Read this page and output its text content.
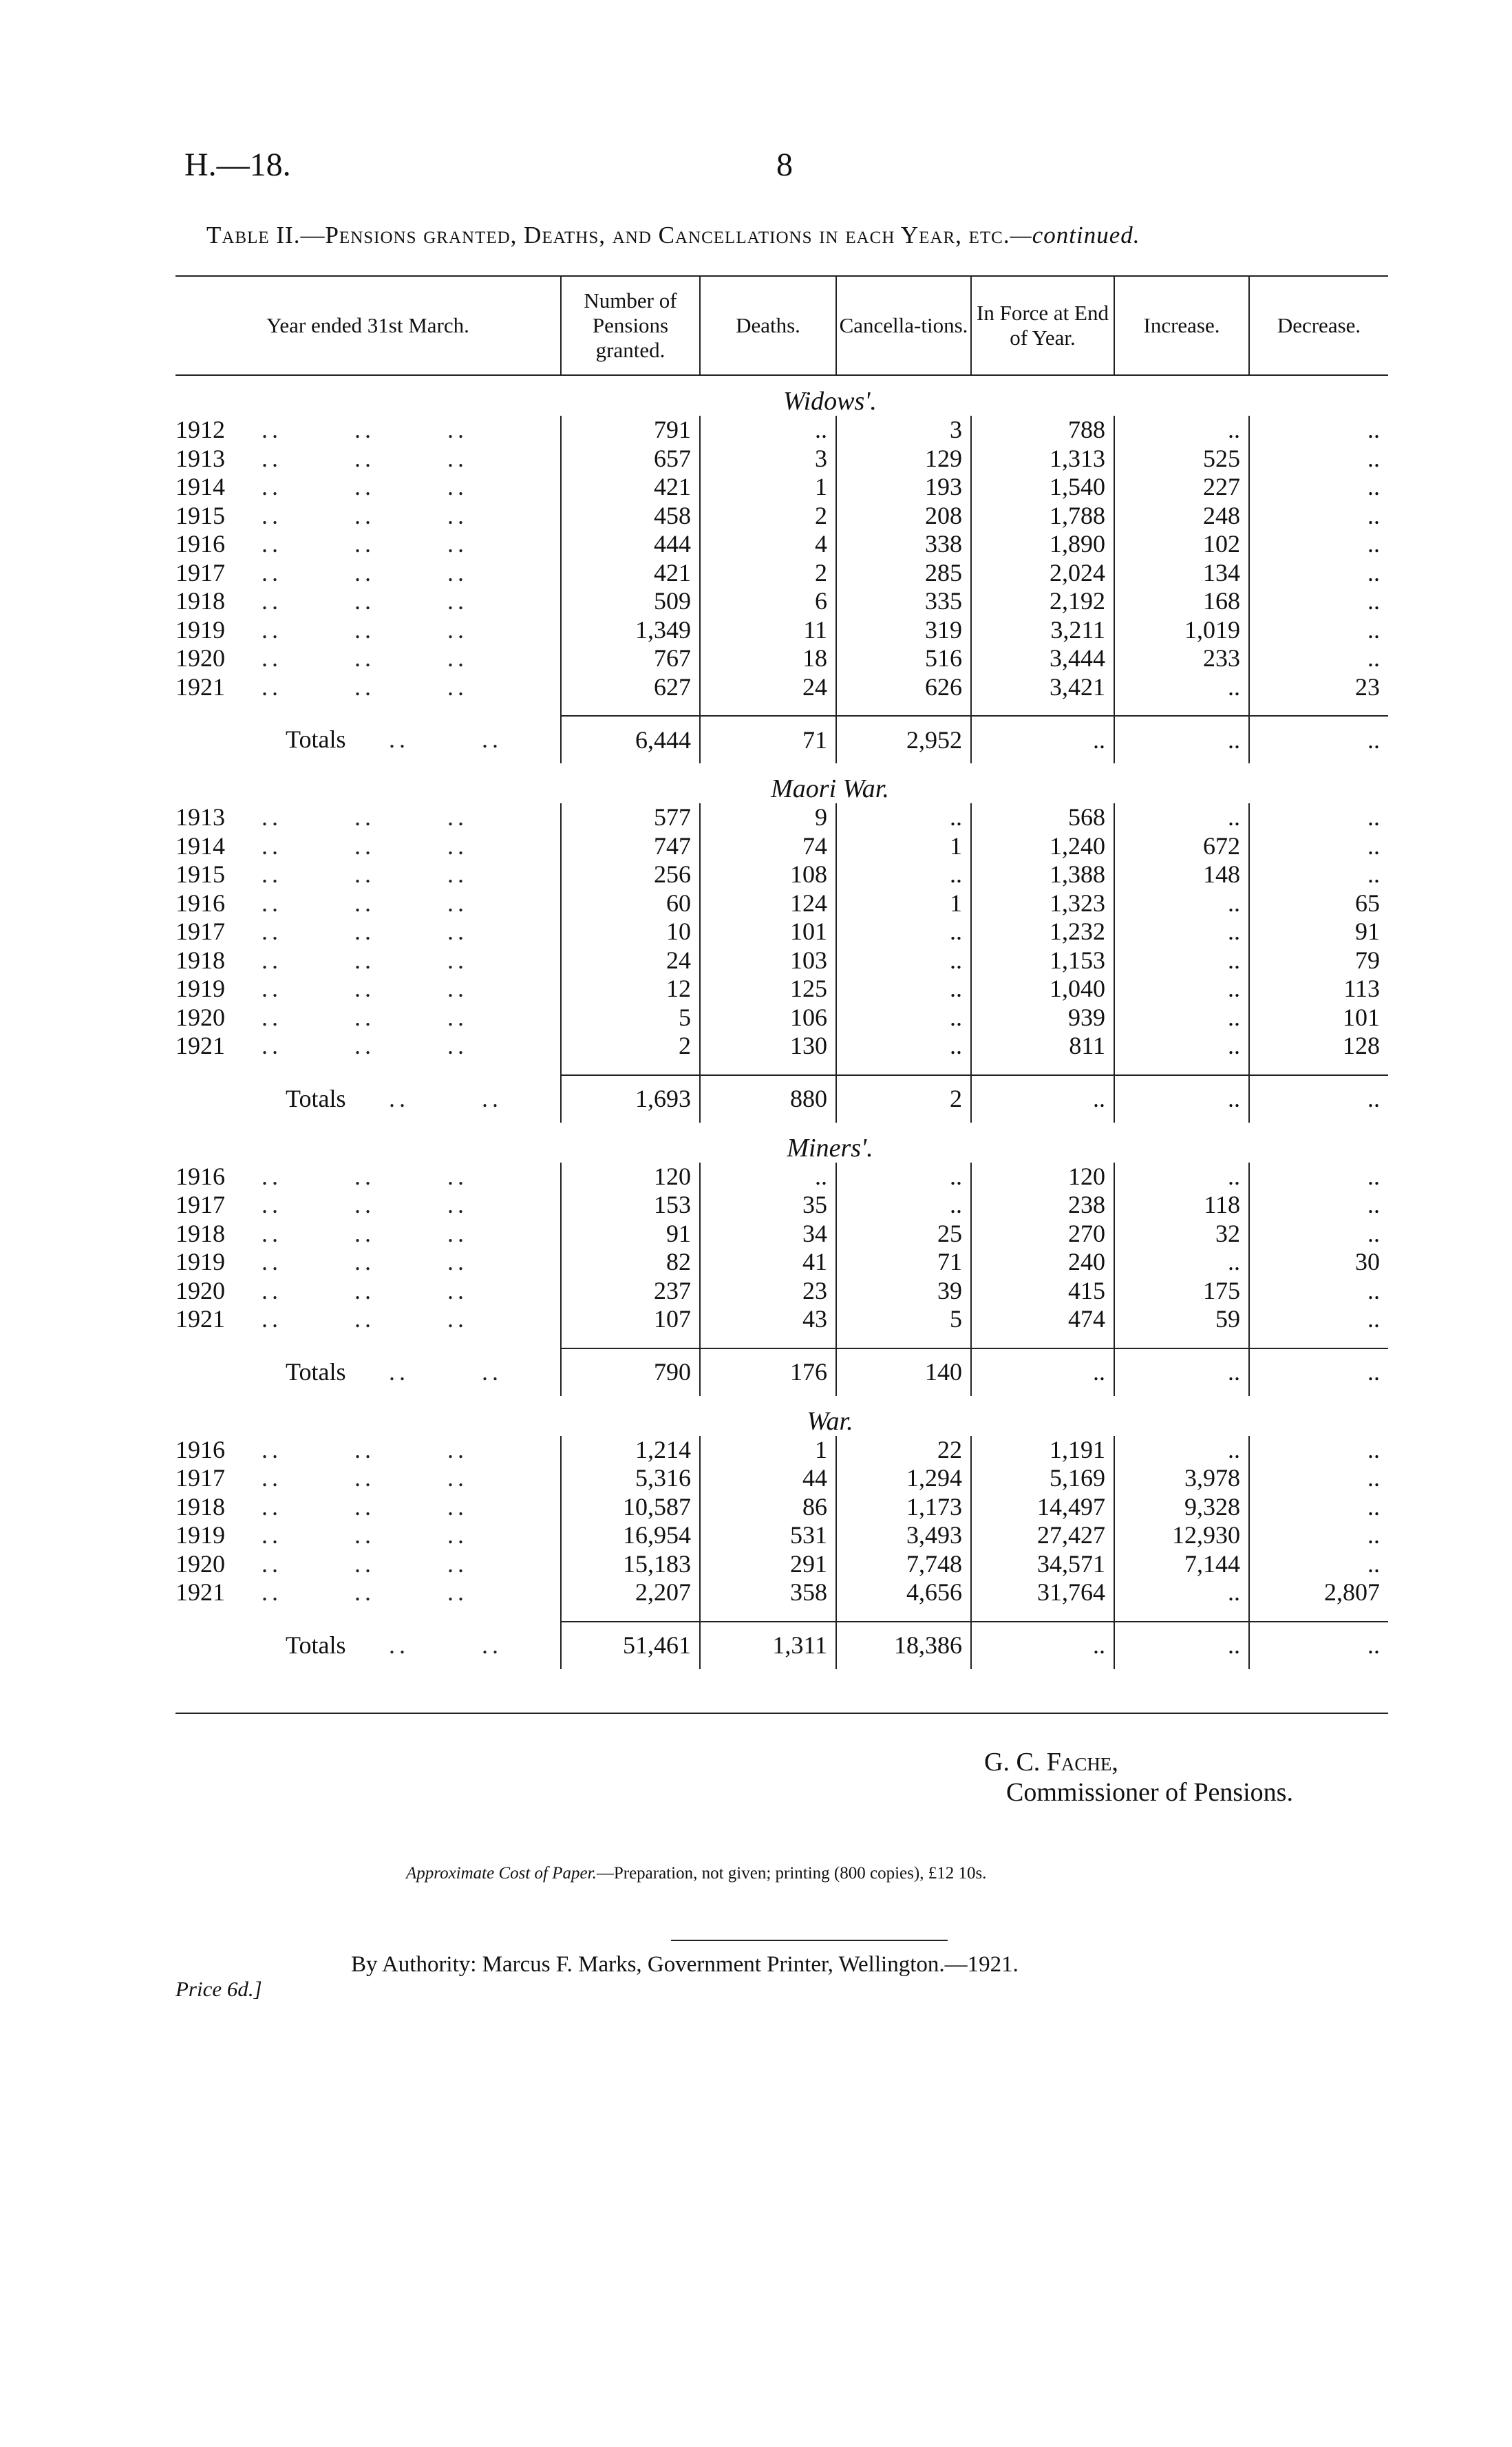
H.—18.	8
Table II.—Pensions granted, Deaths, and Cancellations in each Year, etc.—continued.
Year ended 31st March.	Number of Pensions granted.	Deaths.	Cancella-tions.	In Force at End of Year.	Increase.	Decrease.
Widows'.						
1912 ..       ..       ..	791	..	3	788	..	..
1913 ..       ..       ..	657	3	129	1,313	525	..
1914 ..       ..       ..	421	1	193	1,540	227	..
1915 ..       ..       ..	458	2	208	1,788	248	..
1916 ..       ..       ..	444	4	338	1,890	102	..
1917 ..       ..       ..	421	2	285	2,024	134	..
1918 ..       ..       ..	509	6	335	2,192	168	..
1919 ..       ..       ..	1,349	11	319	3,211	1,019	..
1920 ..       ..       ..	767	18	516	3,444	233	..
1921 ..       ..       ..	627	24	626	3,421	..	23

Totals ..       ..	6,444	71	2,952	..	..	..
Maori War.						
1913 ..       ..       ..	577	9	..	568	..	..
1914 ..       ..       ..	747	74	1	1,240	672	..
1915 ..       ..       ..	256	108	..	1,388	148	..
1916 ..       ..       ..	60	124	1	1,323	..	65
1917 ..       ..       ..	10	101	..	1,232	..	91
1918 ..       ..       ..	24	103	..	1,153	..	79
1919 ..       ..       ..	12	125	..	1,040	..	113
1920 ..       ..       ..	5	106	..	939	..	101
1921 ..       ..       ..	2	130	..	811	..	128

Totals ..       ..	1,693	880	2	..	..	..
Miners'.						
1916 ..       ..       ..	120	..	..	120	..	..
1917 ..       ..       ..	153	35	..	238	118	..
1918 ..       ..       ..	91	34	25	270	32	..
1919 ..       ..       ..	82	41	71	240	..	30
1920 ..       ..       ..	237	23	39	415	175	..
1921 ..       ..       ..	107	43	5	474	59	..

Totals ..       ..	790	176	140	..	..	..
War.						
1916 ..       ..       ..	1,214	1	22	1,191	..	..
1917 ..       ..       ..	5,316	44	1,294	5,169	3,978	..
1918 ..       ..       ..	10,587	86	1,173	14,497	9,328	..
1919 ..       ..       ..	16,954	531	3,493	27,427	12,930	..
1920 ..       ..       ..	15,183	291	7,748	34,571	7,144	..
1921 ..       ..       ..	2,207	358	4,656	31,764	..	2,807

Totals ..       ..	51,461	1,311	18,386	..	..	..
G. C. Fache,
Commissioner of Pensions.
Approximate Cost of Paper.—Preparation, not given; printing (800 copies), £12 10s.
By Authority: Marcus F. Marks, Government Printer, Wellington.—1921.
Price 6d.]
